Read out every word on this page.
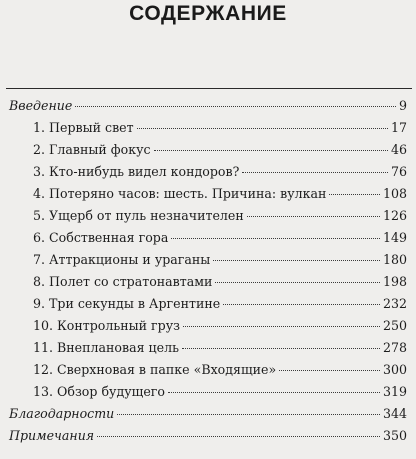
СОДЕРЖАНИЕ
Введение	9
1. Первый свет	17
2. Главный фокус	46
3. Кто-нибудь видел кондоров?	76
4. Потеряно часов: шесть. Причина: вулкан	108
5. Ущерб от пуль незначителен	126
6. Собственная гора	149
7. Аттракционы и ураганы	180
8. Полет со стратонавтами	198
9. Три секунды в Аргентине	232
10. Контрольный груз	250
11. Внеплановая цель	278
12. Сверхновая в папке «Входящие»	300
13. Обзор будущего	319
Благодарности	344
Примечания	350
